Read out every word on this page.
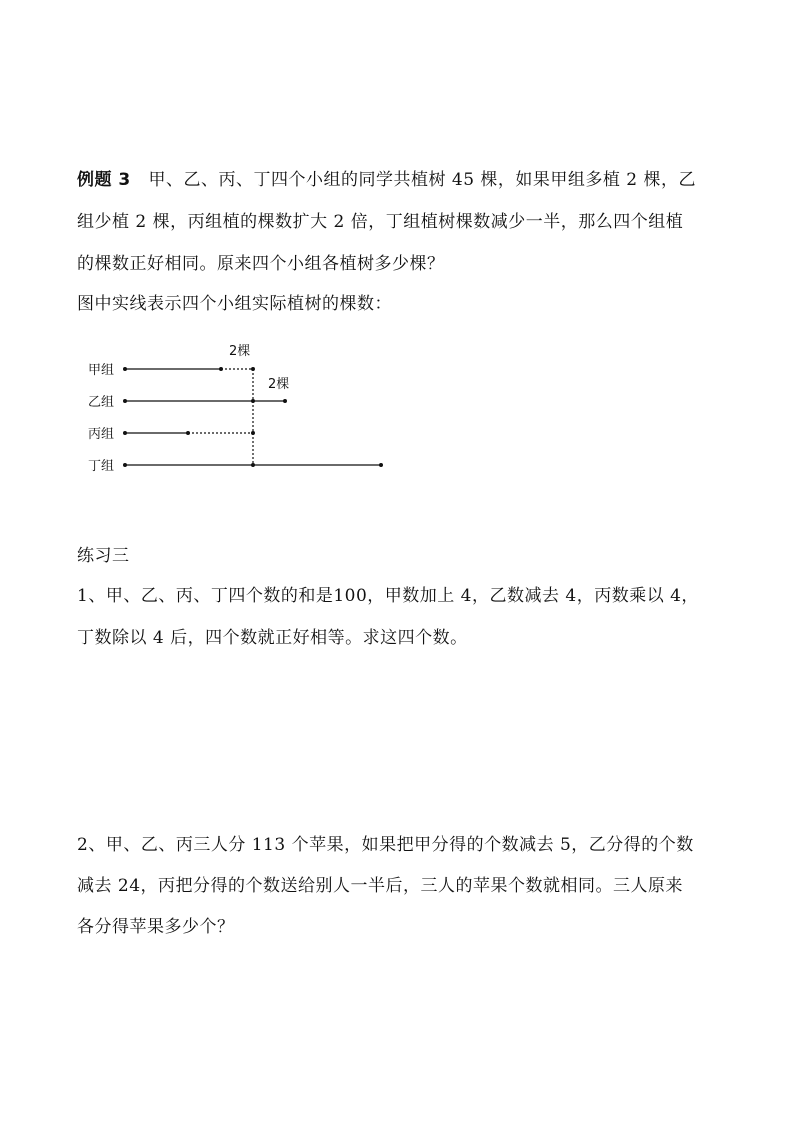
例题 3 甲、乙、丙、丁四个小组的同学共植树 45 棵，如果甲组多植 2 棵，乙
组少植 2 棵，丙组植的棵数扩大 2 倍，丁组植树棵数减少一半，那么四个组植
的棵数正好相同。原来四个小组各植树多少棵？
图中实线表示四个小组实际植树的棵数：
甲组
乙组
丙组
丁组
2棵
2棵
练习三
1、甲、乙、丙、丁四个数的和是100，甲数加上 4，乙数减去 4，丙数乘以 4，
丁数除以 4 后，四个数就正好相等。求这四个数。
2、甲、乙、丙三人分 113 个苹果，如果把甲分得的个数减去 5，乙分得的个数
减去 24，丙把分得的个数送给别人一半后，三人的苹果个数就相同。三人原来
各分得苹果多少个？
